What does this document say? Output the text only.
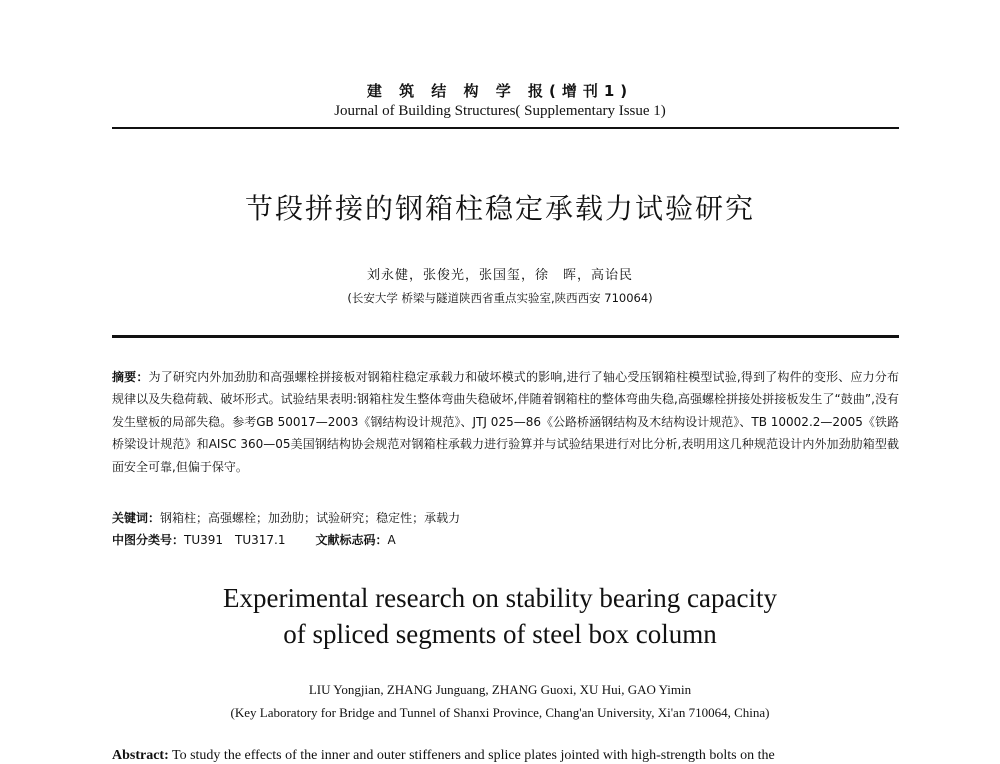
建 筑 结 构 学 报(增刊1)
Journal of Building Structures( Supplementary Issue 1)
节段拼接的钢箱柱稳定承载力试验研究
刘永健，张俊光，张国玺，徐　晖，高诒民
(长安大学 桥梁与隧道陕西省重点实验室,陕西西安 710064)
摘要：为了研究内外加劲肋和高强螺栓拼接板对钢箱柱稳定承载力和破坏模式的影响,进行了轴心受压钢箱柱模型试验,得到了构件的变形、应力分布规律以及失稳荷载、破坏形式。试验结果表明:钢箱柱发生整体弯曲失稳破坏,伴随着钢箱柱的整体弯曲失稳,高强螺栓拼接处拼接板发生了“鼓曲”,没有发生壁板的局部失稳。参考GB 50017—2003《钢结构设计规范》、JTJ 025—86《公路桥涵钢结构及木结构设计规范》、TB 10002.2—2005《铁路桥梁设计规范》和AISC 360—05美国钢结构协会规范对钢箱柱承载力进行验算并与试验结果进行对比分析,表明用这几种规范设计内外加劲肋箱型截面安全可靠,但偏于保守。
关键词：钢箱柱；高强螺栓；加劲肋；试验研究；稳定性；承载力
中图分类号：TU391　TU317.1	文献标志码：A
Experimental research on stability bearing capacity
of spliced segments of steel box column
LIU Yongjian, ZHANG Junguang, ZHANG Guoxi, XU Hui, GAO Yimin
(Key Laboratory for Bridge and Tunnel of Shanxi Province, Chang'an University, Xi'an 710064, China)
Abstract: To study the effects of the inner and outer stiffeners and splice plates jointed with high-strength bolts on the
